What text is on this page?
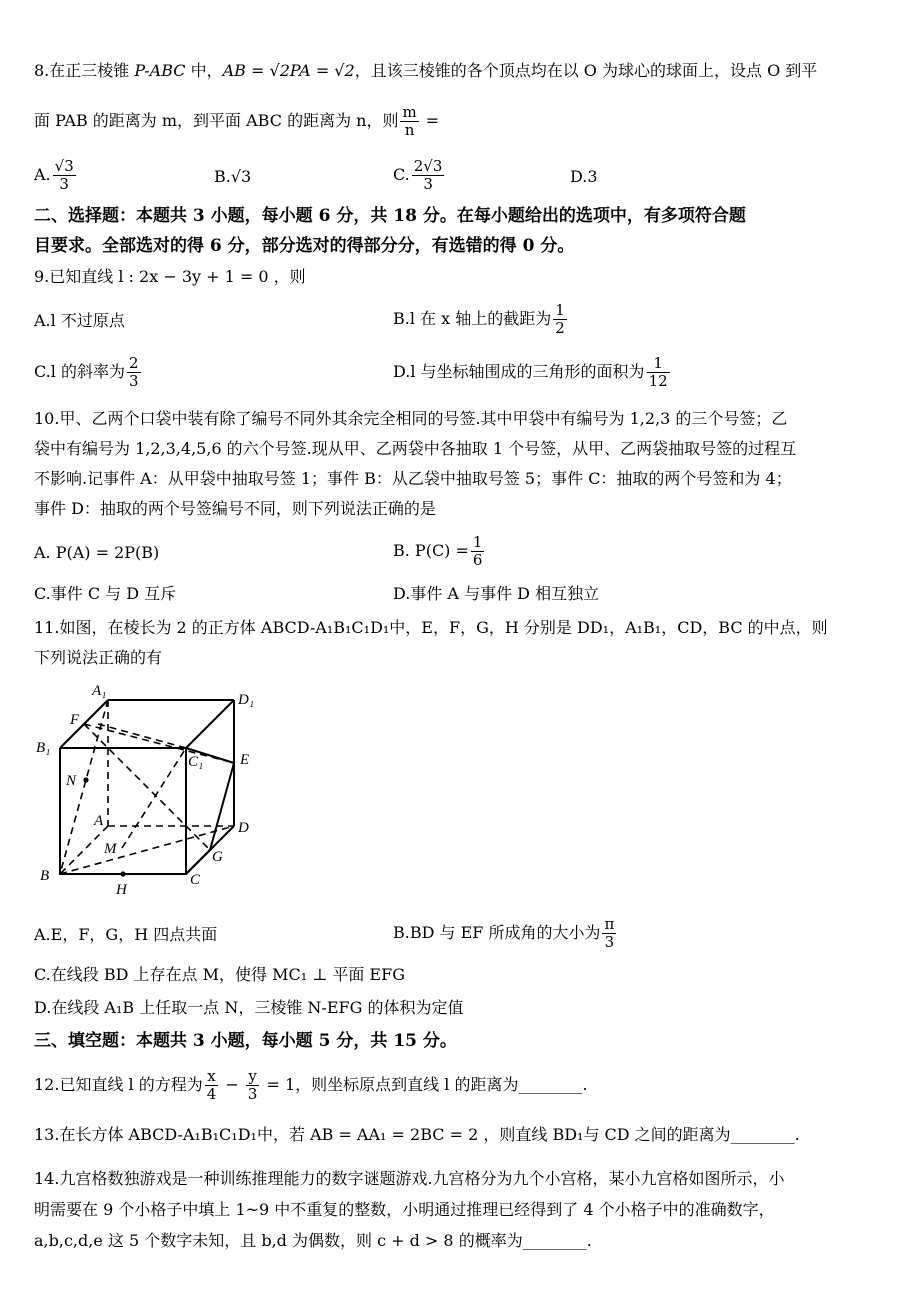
8.在正三棱锥 P-ABC 中，AB = √2PA = √2，且该三棱锥的各个顶点均在以 O 为球心的球面上，设点 O 到平
面 PAB 的距离为 m，到平面 ABC 的距离为 n，则 $\frac{m}{n}$ =
A. $\frac{√3}{3}$	B.√3	C. $\frac{2√3}{3}$	D.3
二、选择题：本题共 3 小题，每小题 6 分，共 18 分。在每小题给出的选项中，有多项符合题
目要求。全部选对的得 6 分，部分选对的得部分分，有选错的得 0 分。
9.已知直线 l : 2x − 3y + 1 = 0 ，则
A.l 不过原点	B.l 在 x 轴上的截距为 $\frac{1}{2}$
C.l 的斜率为 $\frac{2}{3}$	D.l 与坐标轴围成的三角形的面积为 $\frac{1}{12}$
10.甲、乙两个口袋中装有除了编号不同外其余完全相同的号签.其中甲袋中有编号为 1,2,3 的三个号签；乙
袋中有编号为 1,2,3,4,5,6 的六个号签.现从甲、乙两袋中各抽取 1 个号签，从甲、乙两袋抽取号签的过程互
不影响.记事件 A：从甲袋中抽取号签 1；事件 B：从乙袋中抽取号签 5；事件 C：抽取的两个号签和为 4；
事件 D：抽取的两个号签编号不同，则下列说法正确的是
A. P(A) = 2P(B)	B. $P(C) = \frac{1}{6}$
C.事件 C 与 D 互斥	D.事件 A 与事件 D 相互独立
11.如图，在棱长为 2 的正方体 ABCD-A₁B₁C₁D₁中，E，F，G，H 分别是 DD₁，A₁B₁，CD，BC 的中点，则
下列说法正确的有
A₁
D₁
F
B₁
C₁ E
N
A	D
M	G
B	C
H
A.E，F，G，H 四点共面	B.BD 与 EF 所成角的大小为 $\frac{\pi}{3}$
C.在线段 BD 上存在点 M，使得 MC₁ ⊥ 平面 EFG
D.在线段 A₁B 上任取一点 N，三棱锥 N-EFG 的体积为定值
三、填空题：本题共 3 小题，每小题 5 分，共 15 分。
12.已知直线 l 的方程为 $\frac{x}{4} - \frac{y}{3} = 1$，则坐标原点到直线 l 的距离为________.
13.在长方体 ABCD-A₁B₁C₁D₁中，若 AB = AA₁ = 2BC = 2 ，则直线 BD₁与 CD 之间的距离为________.
14.九宫格数独游戏是一种训练推理能力的数字谜题游戏.九宫格分为九个小宫格，某小九宫格如图所示，小
明需要在 9 个小格子中填上 1~9 中不重复的整数，小明通过推理已经得到了 4 个小格子中的准确数字，
a,b,c,d,e 这 5 个数字未知，且 b,d 为偶数，则 c + d > 8 的概率为________.
